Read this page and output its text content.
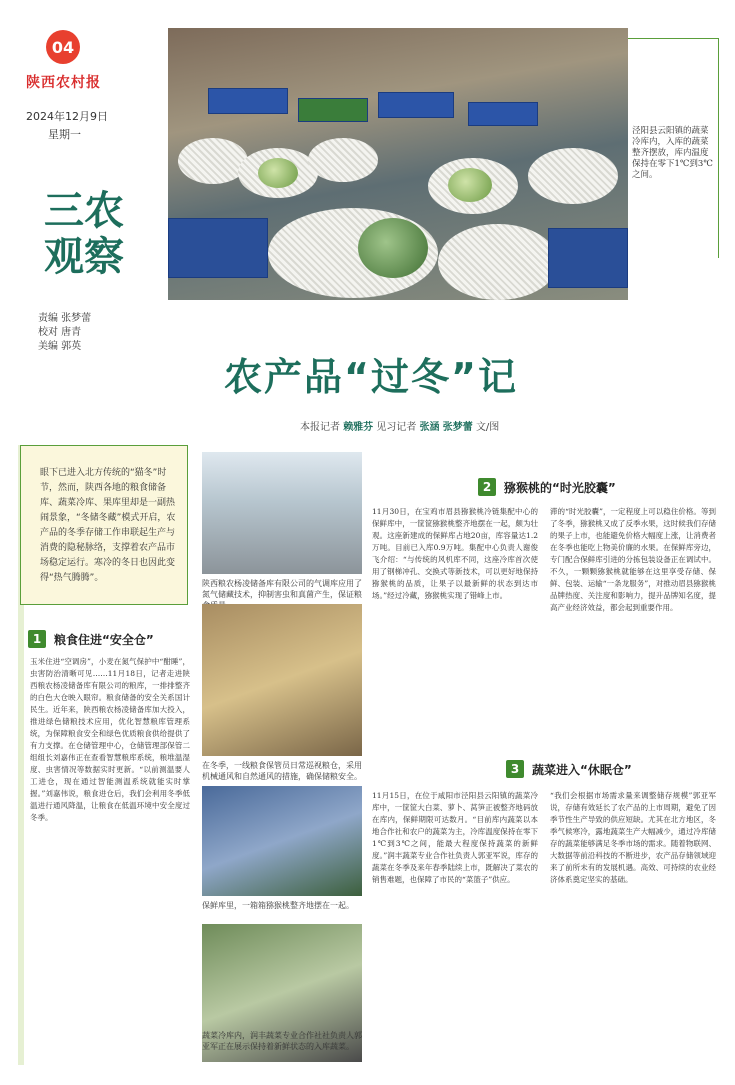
04
陕西农村报
2024年12月9日
星期一
三农
观察
责编 张梦蕾
校对 唐青
美编 郭英
泾阳县云阳镇的蔬菜冷库内，入库的蔬菜整齐摆放，库内温度保持在零下1℃到3℃之间。
农产品“过冬”记
本报记者 赖雅芬 见习记者 张涵 张梦蕾 文/图
眼下已进入北方传统的“猫冬”时节，然而，陕西各地的粮食储备库、蔬菜冷库、果库里却是一副热闹景象，“冬储冬藏”模式开启，农产品的冬季存储工作串联起生产与消费的隐秘脉络，支撑着农产品市场稳定运行。寒冷的冬日也因此变得“热气腾腾”。
1	粮食住进“安全仓”
玉米住进“空调房”，小麦在氮气保护中“酣睡”，虫害防治清晰可见……11月18日，记者走进陕西粮农杨凌储备库有限公司的粮库，一排排整齐的白色大仓映入眼帘。粮食储备的安全关系国计民生。近年来，陕西粮农杨凌储备库加大投入，推进绿色储粮技术应用，优化智慧粮库管理系统，为保障粮食安全和绿色优质粮食供给提供了有力支撑。在仓储管理中心，仓储管理部保管二组组长刘嘉伟正在查看智慧粮库系统，粮堆温湿度、虫害情况等数据实时更新。“以前测温要人工进仓，现在通过智能测温系统就能实时掌握。”刘嘉伟说，粮食进仓后，我们会利用冬季低温进行通风降温，让粮食在低温环境中安全度过冬季。
陕西粮农杨凌储备库有限公司的气调库应用了氮气储藏技术，抑制害虫和真菌产生，保证粮
在冬季，一线粮食保管员日常巡视粮仓，采用机械通风和自然通风的措施，确保储粮安全。
保鲜库里，一箱箱猕猴桃整齐地摆在一起。
蔬菜冷库内，润丰蔬菜专业合作社社负责人郭亚军正在展示保持着新鲜状态的入库蔬菜。
2	猕猴桃的“时光胶囊”
11月30日，在宝鸡市眉县猕猴桃冷链集配中心的保鲜库中，一筐筐猕猴桃整齐地摆在一起，颇为壮观。这座新建成的保鲜库占地20亩，库容量达1.2万吨。目前已入库0.9万吨。集配中心负责人谢俊飞介绍：“与传统的风机库不同，这座冷库首次使用了钢梯冲孔、交换式等新技术，可以更好地保持猕猴桃的品质，让果子以最新鲜的状态到达市场。”经过冷藏，猕猴桃实现了错峰上市。
滞的“时光胶囊”，一定程度上可以稳住价格。等到了冬季，猕猴桃又成了反季水果，这时候我们存储的果子上市，也能避免价格大幅度上涨，让消费者在冬季也能吃上物美价廉的水果。在保鲜库旁边，专门配合保鲜库引进的分拣包装设备正在调试中。不久，一颗颗猕猴桃就能够在这里享受存储、保鲜、包装、运输“一条龙服务”，对推动眉县猕猴桃品牌热度、关注度和影响力，提升品牌知名度，提高产业经济效益，都会起到重要作用。
3	蔬菜进入“休眠仓”
11月15日，在位于咸阳市泾阳县云阳镇的蔬菜冷库中，一筐筐大白菜、萝卜、莴笋正被整齐地码放在库内，保鲜期限可达数月。“目前库内蔬菜以本地合作社和农户的蔬菜为主，冷库温度保持在零下1℃到3℃之间，能最大程度保持蔬菜的新鲜度。”润丰蔬菜专业合作社负责人郭亚军说，库存的蔬菜在冬季及来年春季陆续上市，既解决了菜农的销售难题，也保障了市民的“菜篮子”供应。
“我们会根据市场需求量来调整储存规模”郭亚军说，存储有效延长了农产品的上市周期，避免了因季节性生产导致的供应短缺。尤其在北方地区，冬季气候寒冷，露地蔬菜生产大幅减少，通过冷库储存的蔬菜能够满足冬季市场的需求。随着物联网、大数据等前沿科技的不断进步，农产品存储领域迎来了前所未有的发展机遇。高效、可持续的农业经济体系奠定坚实的基础。
